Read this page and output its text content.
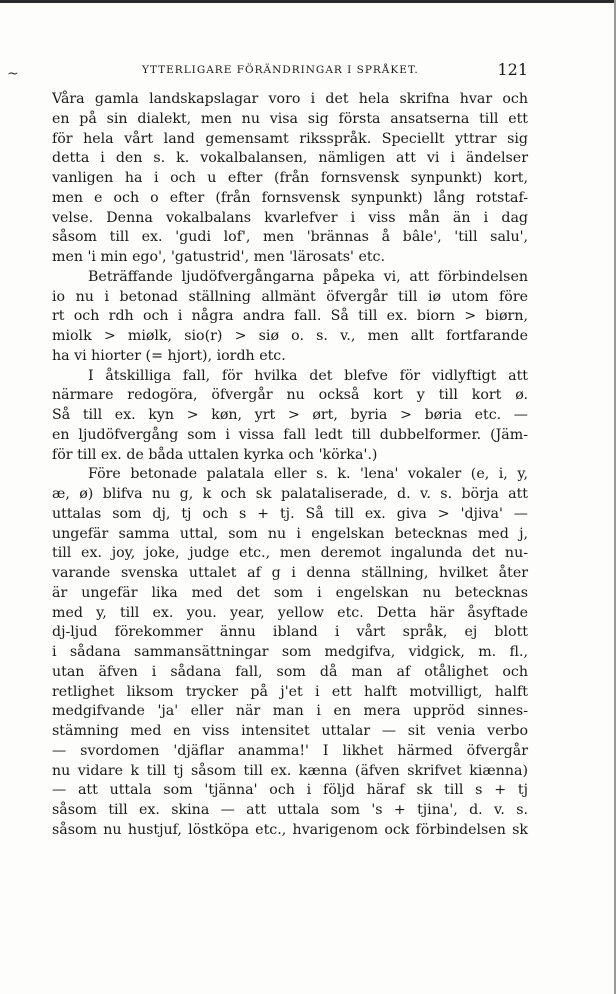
~	YTTERLIGARE FÖRÄNDRINGAR I SPRÅKET.	121
Våra gamla landskapslagar voro i det hela skrifna hvar och
en på sin dialekt, men nu visa sig första ansatserna till ett
för hela vårt land gemensamt riksspråk. Speciellt yttrar sig
detta i den s. k. vokalbalansen, nämligen att vi i ändelser
vanligen ha i och u efter (från fornsvensk synpunkt) kort,
men e och o efter (från fornsvensk synpunkt) lång rotstaf-
velse. Denna vokalbalans kvarlefver i viss mån än i dag
såsom till ex. 'gudi lof', men 'brännas å bâle', 'till salu',
men 'i min ego', 'gatustrid', men 'lärosats' etc.
Beträffande ljudöfvergångarna påpeka vi, att förbindelsen
io nu i betonad ställning allmänt öfvergår till iø utom före
rt och rdh och i några andra fall. Så till ex. biorn > biørn,
miolk > miølk, sio(r) > siø o. s. v., men allt fortfarande
ha vi hiorter (= hjort), iordh etc.
I åtskilliga fall, för hvilka det blefve för vidlyftigt att
närmare redogöra, öfvergår nu också kort y till kort ø.
Så till ex. kyn > køn, yrt > ørt, byria > børia etc. —
en ljudöfvergång som i vissa fall ledt till dubbelformer. (Jäm-
för till ex. de båda uttalen kyrka och 'körka'.)
Före betonade palatala eller s. k. 'lena' vokaler (e, i, y,
æ, ø) blifva nu g, k och sk palataliserade, d. v. s. börja att
uttalas som dj, tj och s + tj. Så till ex. giva > 'djiva' —
ungefär samma uttal, som nu i engelskan betecknas med j,
till ex. joy, joke, judge etc., men deremot ingalunda det nu-
varande svenska uttalet af g i denna ställning, hvilket åter
är ungefär lika med det som i engelskan nu betecknas
med y, till ex. you. year, yellow etc. Detta här åsyftade
dj-ljud förekommer ännu ibland i vårt språk, ej blott
i sådana sammansättningar som medgifva, vidgick, m. fl.,
utan äfven i sådana fall, som då man af otålighet och
retlighet liksom trycker på j'et i ett halft motvilligt, halft
medgifvande 'ja' eller när man i en mera uppröd sinnes-
stämning med en viss intensitet uttalar — sit venia verbo
— svordomen 'djäflar anamma!' I likhet härmed öfvergår
nu vidare k till tj såsom till ex. kænna (äfven skrifvet kiænna)
— att uttala som 'tjänna' och i följd häraf sk till s + tj
såsom till ex. skina — att uttala som 's + tjina', d. v. s.
såsom nu hustjuf, löstköpa etc., hvarigenom ock förbindelsen sk
